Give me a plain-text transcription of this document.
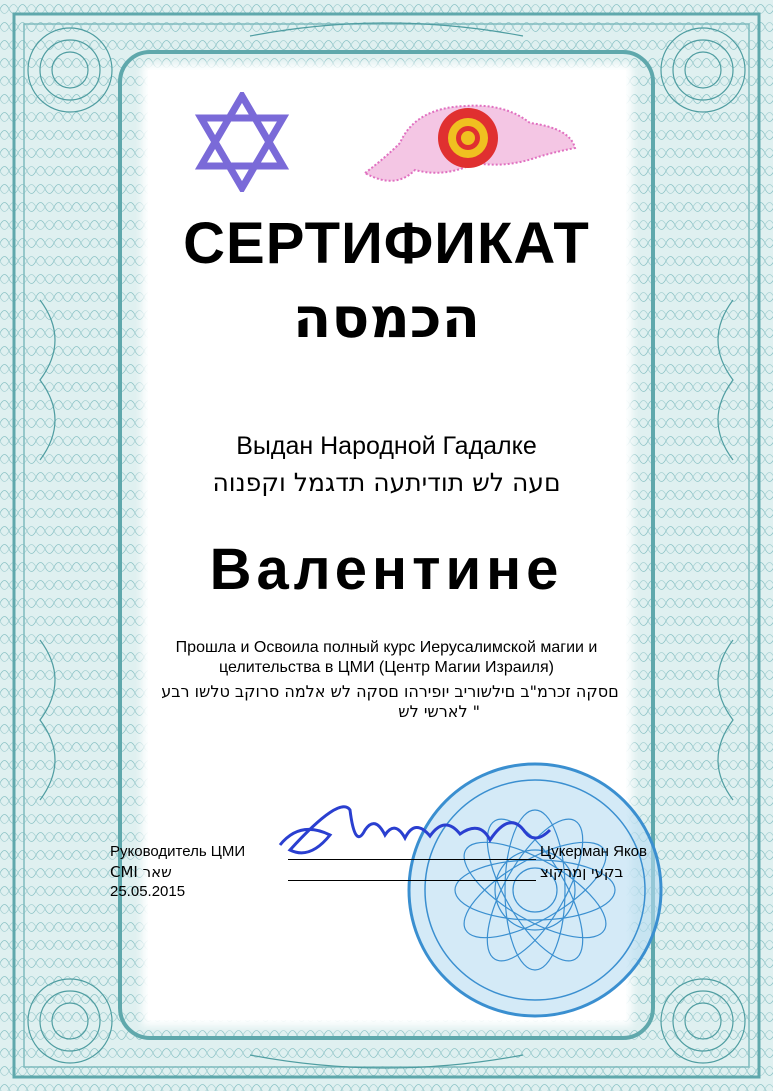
СЕРТИФИКАТ
הכמסה
Выдан Народной Гадалке
םעה לש תודיתעה תדגמל וקפנוה
Валентине
Прошла и Освоила полный курс Иерусалимской магии и
целительства в ЦМИ (Центр Магии Израиля)
םסקה זכרמ"ב םילשוריב יופירהו םסקה לש אלמה סרוקב טלשו רבע
" לארשי לש
Руководитель ЦМИ
שאר CMI
25.05.2015
Цукерман Яков
בקעי ןמרקוצ
